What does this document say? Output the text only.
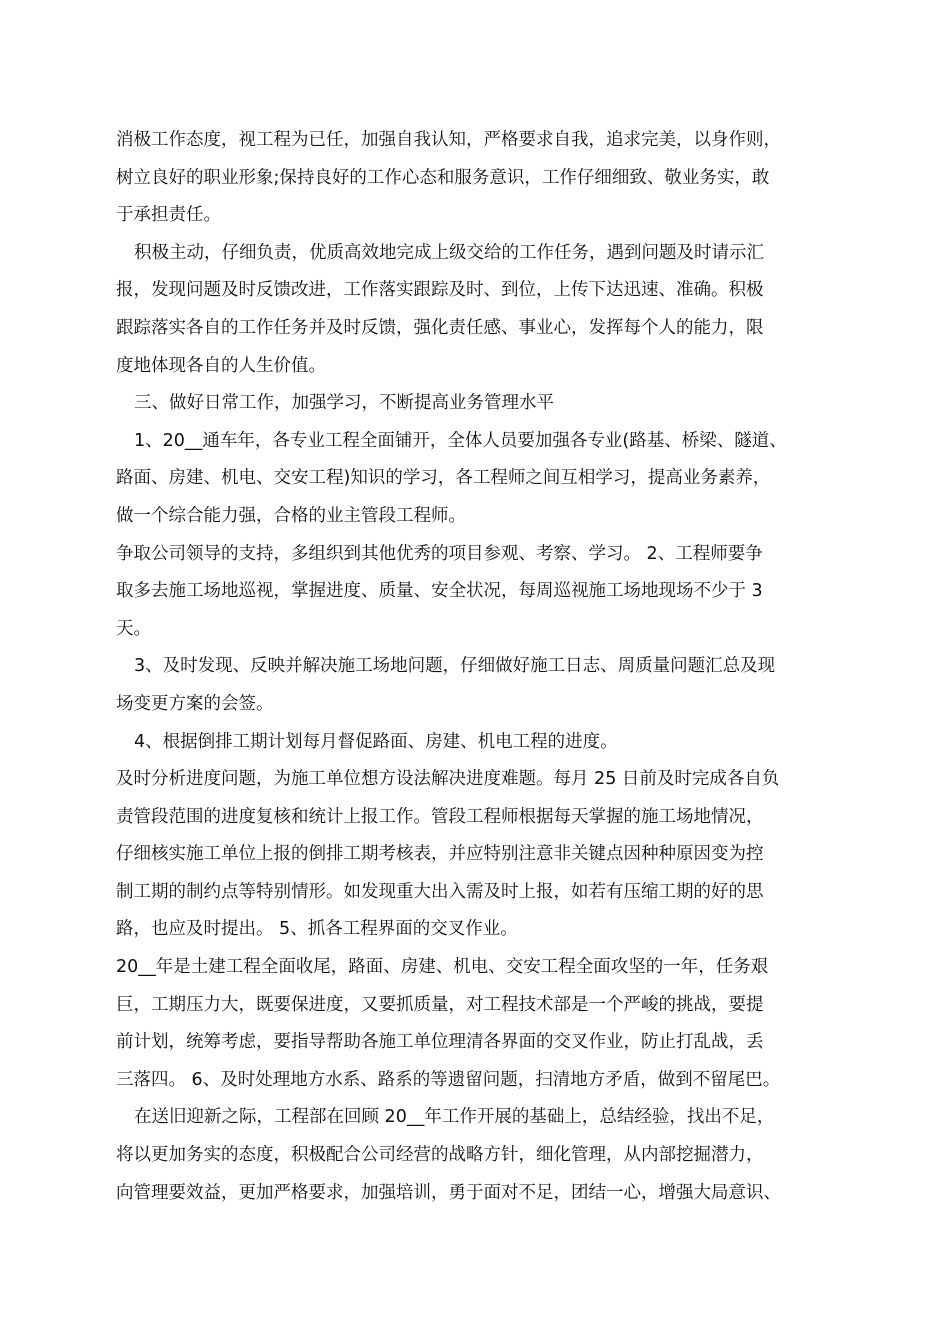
消极工作态度，视工程为已任，加强自我认知，严格要求自我，追求完美，以身作则，
树立良好的职业形象;保持良好的工作心态和服务意识，工作仔细细致、敬业务实，敢
于承担责任。
积极主动，仔细负责，优质高效地完成上级交给的工作任务，遇到问题及时请示汇
报，发现问题及时反馈改进，工作落实跟踪及时、到位，上传下达迅速、准确。积极
跟踪落实各自的工作任务并及时反馈，强化责任感、事业心，发挥每个人的能力，限
度地体现各自的人生价值。
三、做好日常工作，加强学习，不断提高业务管理水平
1、20__通车年，各专业工程全面铺开，全体人员要加强各专业(路基、桥梁、隧道、
路面、房建、机电、交安工程)知识的学习，各工程师之间互相学习，提高业务素养，
做一个综合能力强，合格的业主管段工程师。
争取公司领导的支持，多组织到其他优秀的项目参观、考察、学习。 2、工程师要争
取多去施工场地巡视，掌握进度、质量、安全状况，每周巡视施工场地现场不少于 3
天。
3、及时发现、反映并解决施工场地问题，仔细做好施工日志、周质量问题汇总及现
场变更方案的会签。
4、根据倒排工期计划每月督促路面、房建、机电工程的进度。
及时分析进度问题，为施工单位想方设法解决进度难题。每月 25 日前及时完成各自负
责管段范围的进度复核和统计上报工作。管段工程师根据每天掌握的施工场地情况，
仔细核实施工单位上报的倒排工期考核表，并应特别注意非关键点因种种原因变为控
制工期的制约点等特别情形。如发现重大出入需及时上报，如若有压缩工期的好的思
路，也应及时提出。 5、抓各工程界面的交叉作业。
20__年是土建工程全面收尾，路面、房建、机电、交安工程全面攻坚的一年，任务艰
巨，工期压力大，既要保进度，又要抓质量，对工程技术部是一个严峻的挑战，要提
前计划，统筹考虑，要指导帮助各施工单位理清各界面的交叉作业，防止打乱战，丢
三落四。 6、及时处理地方水系、路系的等遗留问题，扫清地方矛盾，做到不留尾巴。
在送旧迎新之际，工程部在回顾 20__年工作开展的基础上，总结经验，找出不足，
将以更加务实的态度，积极配合公司经营的战略方针，细化管理，从内部挖掘潜力，
向管理要效益，更加严格要求，加强培训，勇于面对不足，团结一心，增强大局意识、
